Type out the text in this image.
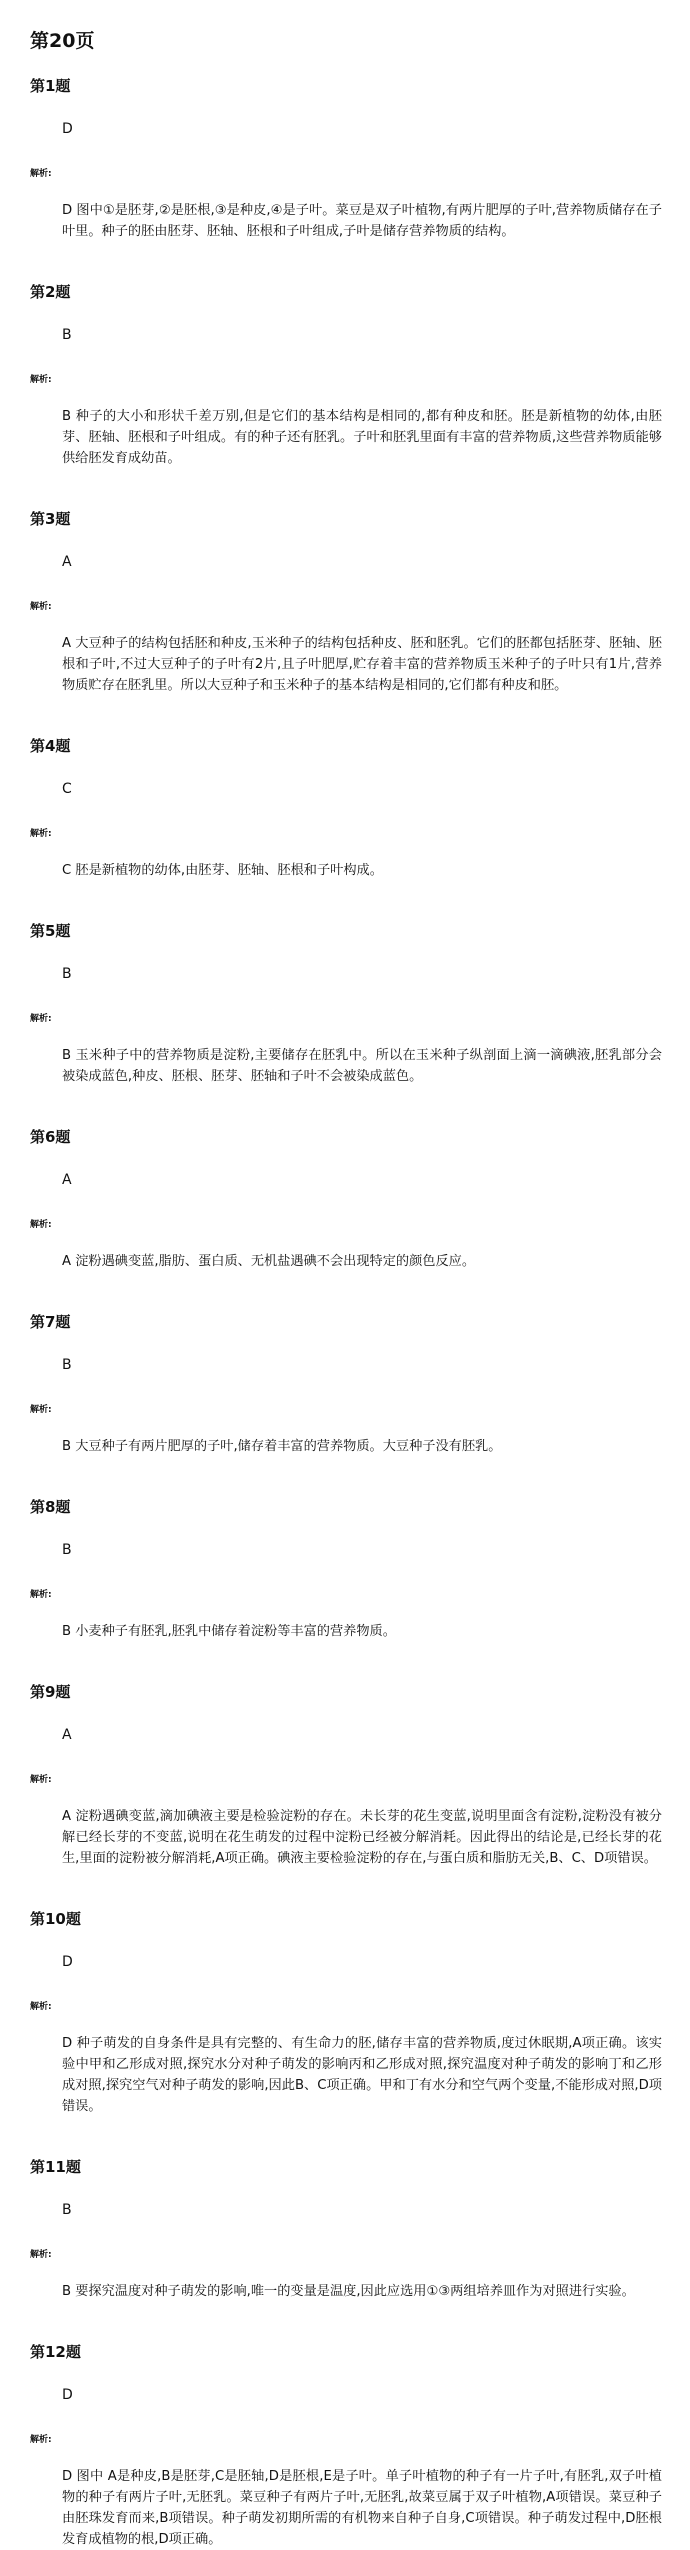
第20页
第1题
D
解析:
D 图中①是胚芽,②是胚根,③是种皮,④是子叶。菜豆是双子叶植物,有两片肥厚的子叶,营养物质储存在子叶里。种子的胚由胚芽、胚轴、胚根和子叶组成,子叶是储存营养物质的结构。
第2题
B
解析:
B 种子的大小和形状千差万别,但是它们的基本结构是相同的,都有种皮和胚。胚是新植物的幼体,由胚芽、胚轴、胚根和子叶组成。有的种子还有胚乳。子叶和胚乳里面有丰富的营养物质,这些营养物质能够供给胚发育成幼苗。
第3题
A
解析:
A 大豆种子的结构包括胚和种皮,玉米种子的结构包括种皮、胚和胚乳。它们的胚都包括胚芽、胚轴、胚根和子叶,不过大豆种子的子叶有2片,且子叶肥厚,贮存着丰富的营养物质玉米种子的子叶只有1片,营养物质贮存在胚乳里。所以大豆种子和玉米种子的基本结构是相同的,它们都有种皮和胚。
第4题
C
解析:
C 胚是新植物的幼体,由胚芽、胚轴、胚根和子叶构成。
第5题
B
解析:
B 玉米种子中的营养物质是淀粉,主要储存在胚乳中。所以在玉米种子纵剖面上滴一滴碘液,胚乳部分会被染成蓝色,种皮、胚根、胚芽、胚轴和子叶不会被染成蓝色。
第6题
A
解析:
A 淀粉遇碘变蓝,脂肪、蛋白质、无机盐遇碘不会出现特定的颜色反应。
第7题
B
解析:
B 大豆种子有两片肥厚的子叶,储存着丰富的营养物质。大豆种子没有胚乳。
第8题
B
解析:
B 小麦种子有胚乳,胚乳中储存着淀粉等丰富的营养物质。
第9题
A
解析:
A 淀粉遇碘变蓝,滴加碘液主要是检验淀粉的存在。未长芽的花生变蓝,说明里面含有淀粉,淀粉没有被分解已经长芽的不变蓝,说明在花生萌发的过程中淀粉已经被分解消耗。因此得出的结论是,已经长芽的花生,里面的淀粉被分解消耗,A项正确。碘液主要检验淀粉的存在,与蛋白质和脂肪无关,B、C、D项错误。
第10题
D
解析:
D 种子萌发的自身条件是具有完整的、有生命力的胚,储存丰富的营养物质,度过休眠期,A项正确。该实验中甲和乙形成对照,探究水分对种子萌发的影响丙和乙形成对照,探究温度对种子萌发的影响丁和乙形成对照,探究空气对种子萌发的影响,因此B、C项正确。甲和丁有水分和空气两个变量,不能形成对照,D项错误。
第11题
B
解析:
B 要探究温度对种子萌发的影响,唯一的变量是温度,因此应选用①③两组培养皿作为对照进行实验。
第12题
D
解析:
D 图中 A是种皮,B是胚芽,C是胚轴,D是胚根,E是子叶。单子叶植物的种子有一片子叶,有胚乳,双子叶植物的种子有两片子叶,无胚乳。菜豆种子有两片子叶,无胚乳,故菜豆属于双子叶植物,A项错误。菜豆种子由胚珠发育而来,B项错误。种子萌发初期所需的有机物来自种子自身,C项错误。种子萌发过程中,D胚根发育成植物的根,D项正确。
